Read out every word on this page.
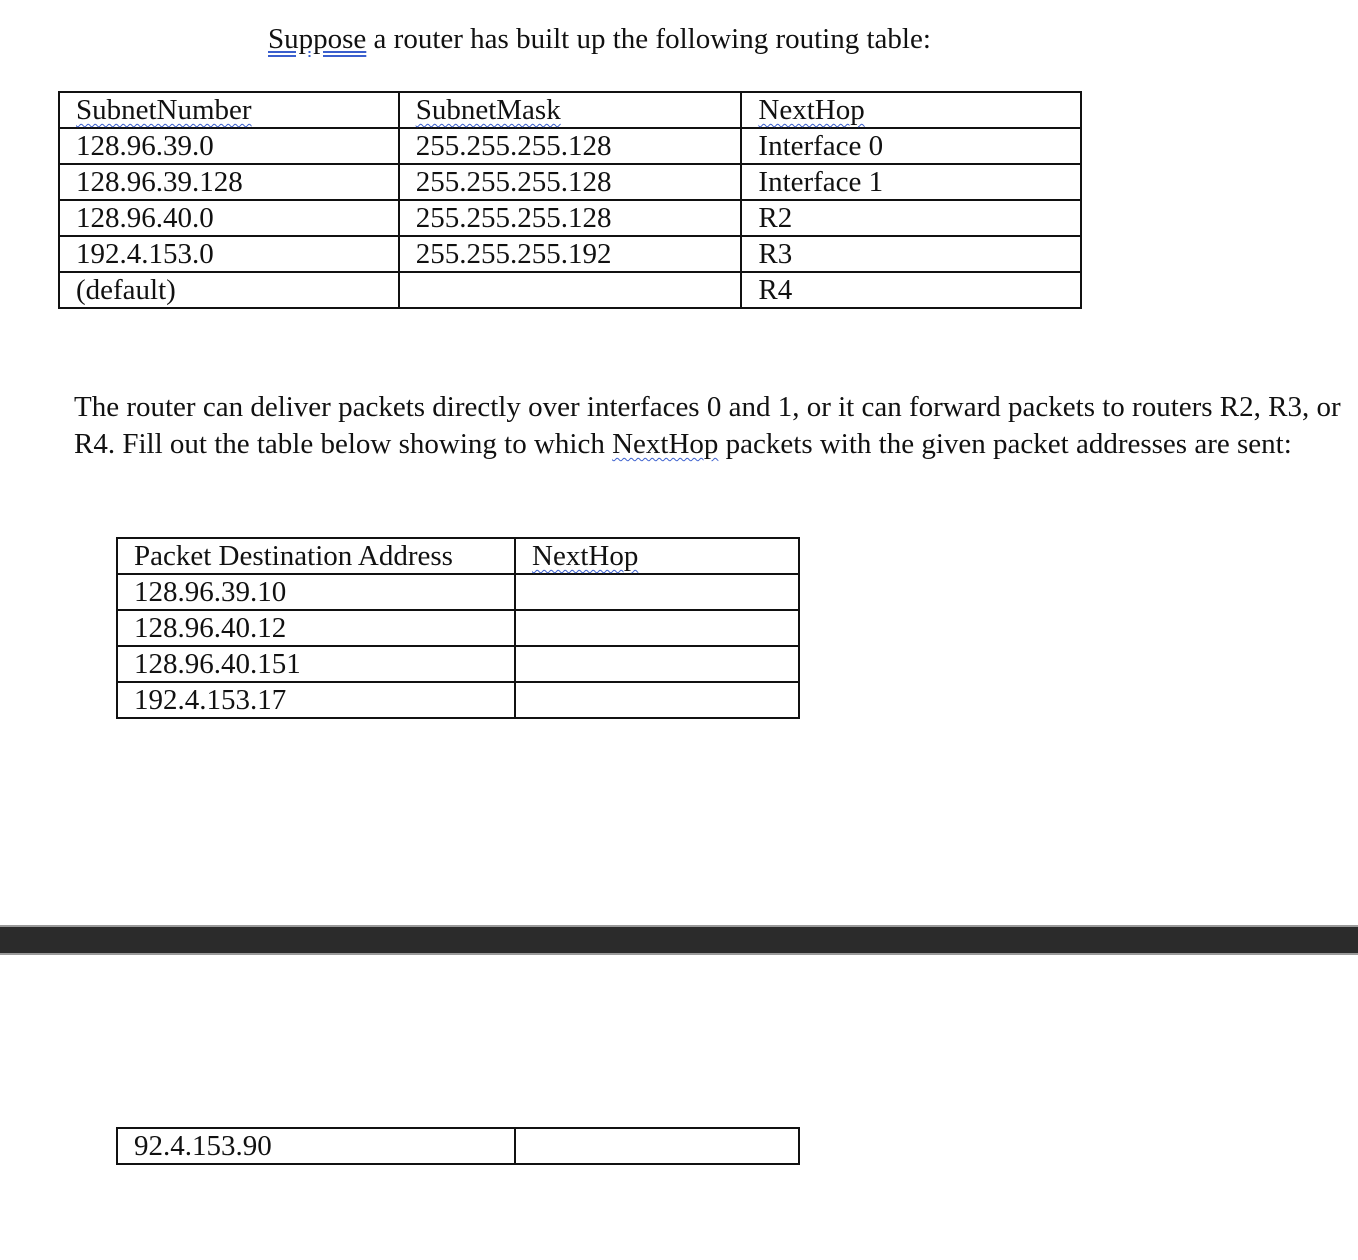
Suppose a router has built up the following routing table:
SubnetNumber	SubnetMask	NextHop
128.96.39.0	255.255.255.128	Interface 0
128.96.39.128	255.255.255.128	Interface 1
128.96.40.0	255.255.255.128	R2
192.4.153.0	255.255.255.192	R3
(default)		R4
The router can deliver packets directly over interfaces 0 and 1, or it can forward packets to routers R2, R3, or R4. Fill out the table below showing to which NextHop packets with the given packet addresses are sent:
Packet Destination Address	NextHop
128.96.39.10	
128.96.40.12	
128.96.40.151	
192.4.153.17	
92.4.153.90	
